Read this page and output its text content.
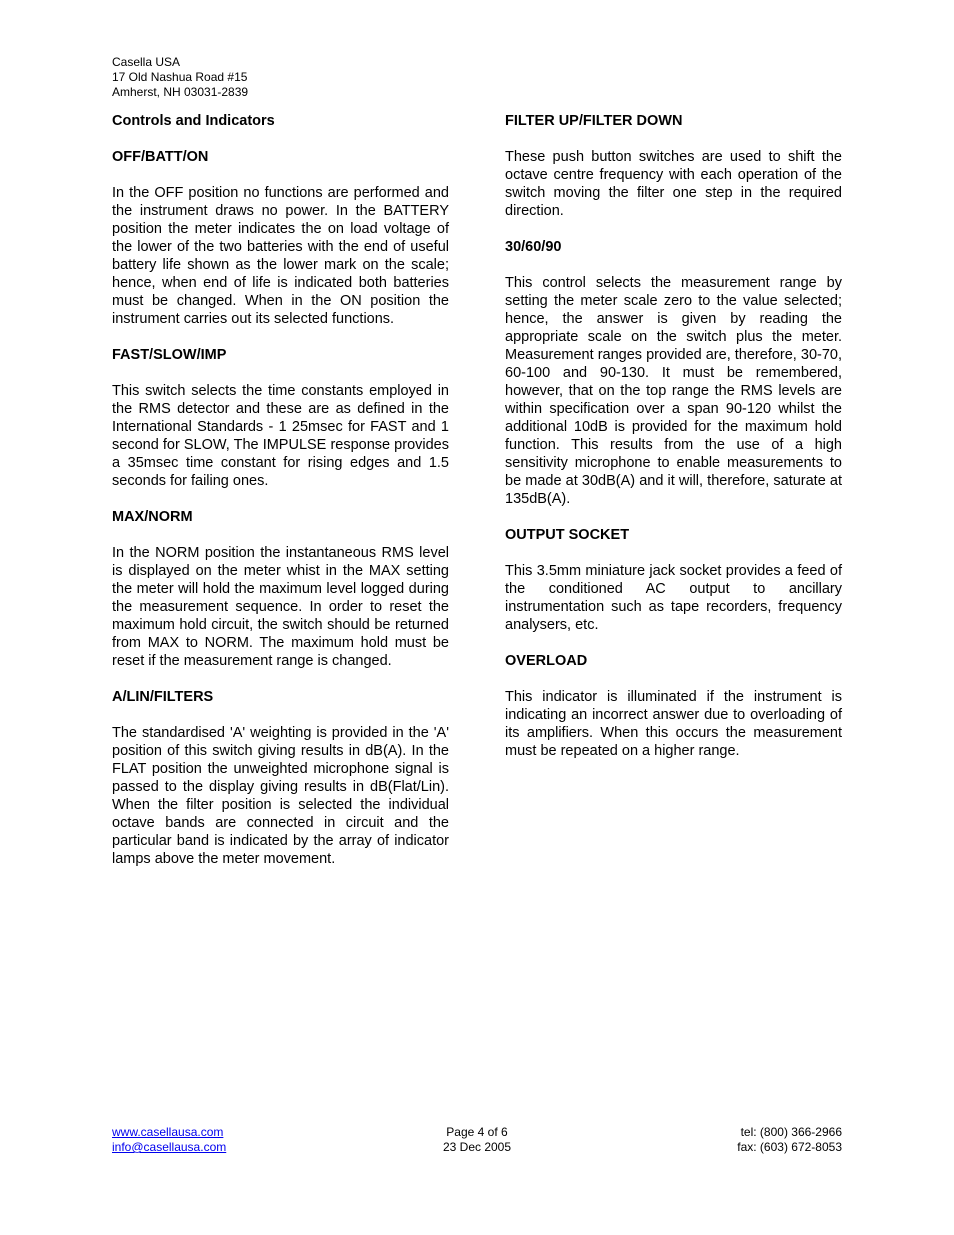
Casella USA
17 Old Nashua Road #15
Amherst, NH 03031-2839
Controls and Indicators
OFF/BATT/ON
In the OFF position no functions are performed and the instrument draws no power. In the BATTERY position the meter indicates the on load voltage of the lower of the two batteries with the end of useful battery life shown as the lower mark on the scale; hence, when end of life is indicated both batteries must be changed. When in the ON position the instrument carries out its selected functions.
FAST/SLOW/IMP
This switch selects the time constants employed in the RMS detector and these are as defined in the International Standards - 1 25msec for FAST and 1 second for SLOW, The IMPULSE response provides a 35msec time constant for rising edges and 1.5 seconds for failing ones.
MAX/NORM
In the NORM position the instantaneous RMS level is displayed on the meter whist in the MAX setting the meter will hold the maximum level logged during the measurement sequence. In order to reset the maximum hold circuit, the switch should be returned from MAX to NORM. The maximum hold must be reset if the measurement range is changed.
A/LIN/FILTERS
The standardised 'A' weighting is provided in the 'A' position of this switch giving results in dB(A). In the FLAT position the unweighted microphone signal is passed to the display giving results in dB(Flat/Lin). When the filter position is selected the individual octave bands are connected in circuit and the particular band is indicated by the array of indicator lamps above the meter movement.
FILTER UP/FILTER DOWN
These push button switches are used to shift the octave centre frequency with each operation of the switch moving the filter one step in the required direction.
30/60/90
This control selects the measurement range by setting the meter scale zero to the value selected; hence, the answer is given by reading the appropriate scale on the switch plus the meter. Measurement ranges provided are, therefore, 30-70, 60-100 and 90-130. It must be remembered, however, that on the top range the RMS levels are within specification over a span 90-120 whilst the additional 10dB is provided for the maximum hold function. This results from the use of a high sensitivity microphone to enable measurements to be made at 30dB(A) and it will, therefore, saturate at 135dB(A).
OUTPUT SOCKET
This 3.5mm miniature jack socket provides a feed of the conditioned AC output to ancillary instrumentation such as tape recorders, frequency analysers, etc.
OVERLOAD
This indicator is illuminated if the instrument is indicating an incorrect answer due to overloading of its amplifiers. When this occurs the measurement must be repeated on a higher range.
www.casellausa.com
info@casellausa.com
Page 4 of 6
23 Dec 2005
tel: (800) 366-2966
fax: (603) 672-8053
